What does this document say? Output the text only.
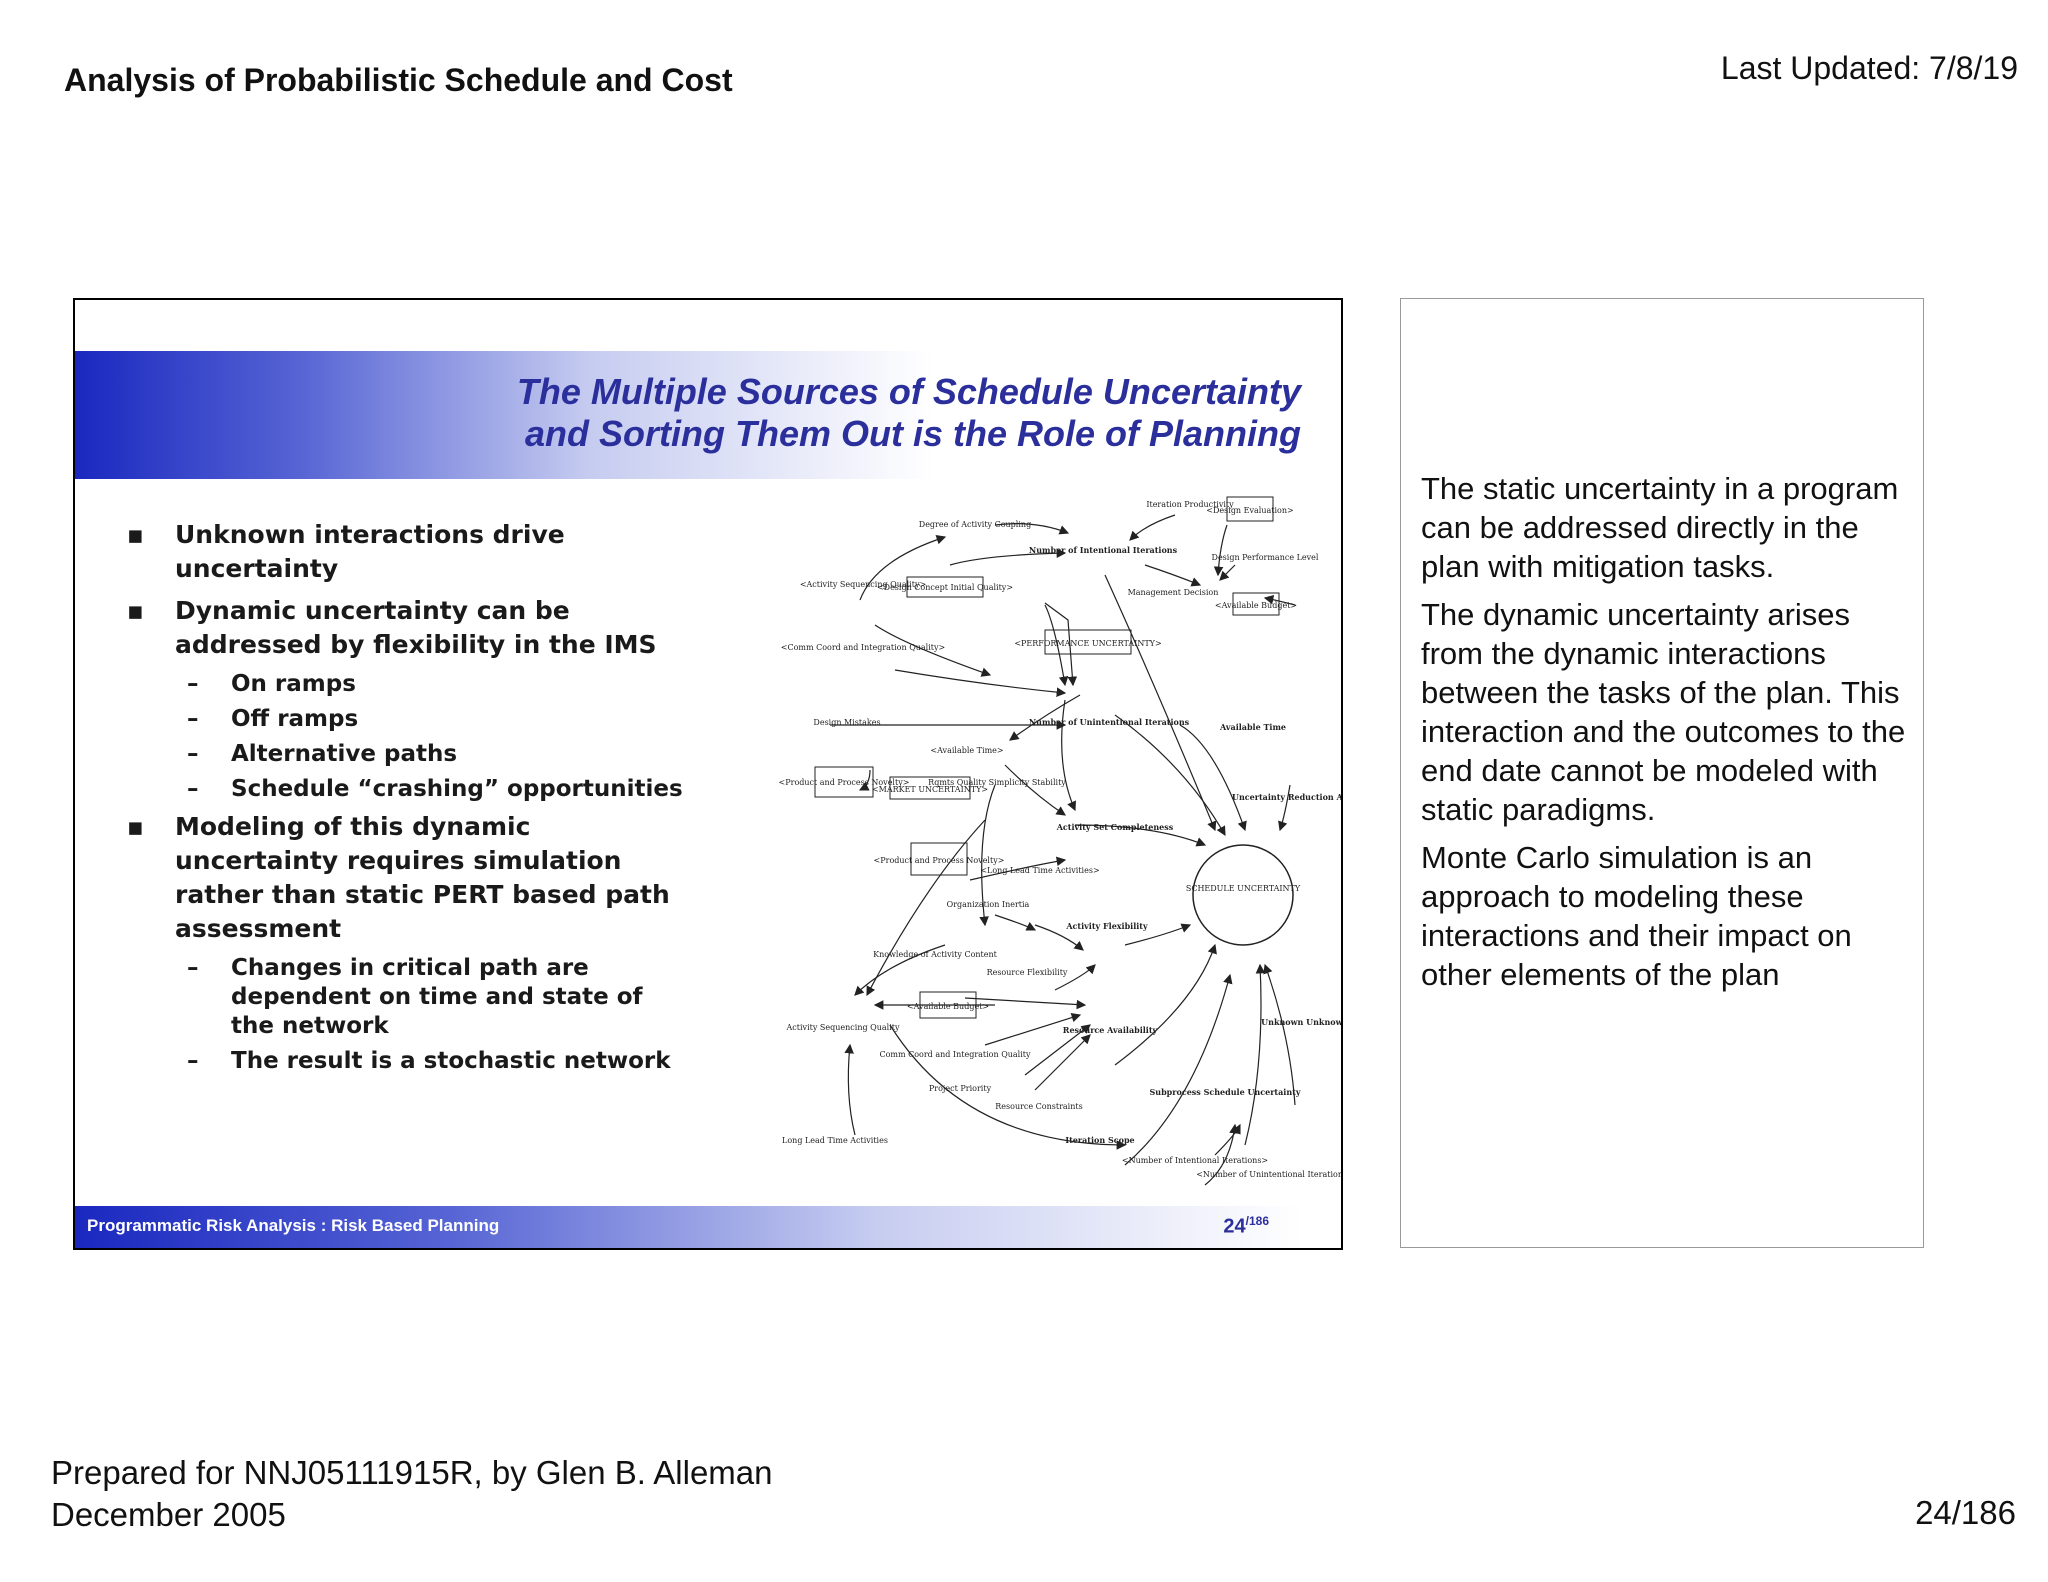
Analysis of Probabilistic Schedule and Cost	Last Updated: 7/8/19
The Multiple Sources of Schedule Uncertainty
and Sorting Them Out is the Role of Planning
▪ Unknown interactions drive uncertainty
▪ Dynamic uncertainty can be addressed by flexibility in the IMS
– On ramps
– Off ramps
– Alternative paths
– Schedule “crashing” opportunities
▪ Modeling of this dynamic uncertainty requires simulation rather than static PERT based path assessment
– Changes in critical path are dependent on time and state of the network
– The result is a stochastic network
SCHEDULE UNCERTAINTY
Degree of Activity Coupling
Iteration Productivity
<Design Evaluation>
Number of Intentional Iterations
Design Performance Level
<Activity Sequencing Quality>
<Design Concept Initial Quality>
Management Decision
<Available Budget>
<Comm Coord and Integration Quality>	<PERFORMANCE UNCERTAINTY>
Design Mistakes	Number of Unintentional Iterations	Available Time
<Available Time>
<Product and Process Novelty>
<MARKET UNCERTAINTY>
Rqmts Quality Simplicity Stability
Uncertainty Reduction Actions
Activity Set Completeness
<Product and Process Novelty>
<Long Lead Time Activities>
Organization Inertia
Activity Flexibility
Knowledge of Activity Content
Resource Flexibility
<Available Budget>
Activity Sequencing Quality	Resource Availability
Unknown Unknowns
Comm Coord and Integration Quality
Project Priority
Resource Constraints
Subprocess Schedule Uncertainty
Long Lead Time Activities	Iteration Scope
<Number of Intentional Iterations>
<Number of Unintentional Iterations>
Programmatic Risk Analysis : Risk Based Planning	$24^{/186}$

The static uncertainty in a program can be addressed directly in the plan with mitigation tasks.

The dynamic uncertainty arises from the dynamic interactions between the tasks of the plan. This interaction and the outcomes to the end date cannot be modeled with static paradigms.

Monte Carlo simulation is an approach to modeling these interactions and their impact on other elements of the plan

Prepared for NNJ05111915R, by Glen B. Alleman
December 2005	24/186
